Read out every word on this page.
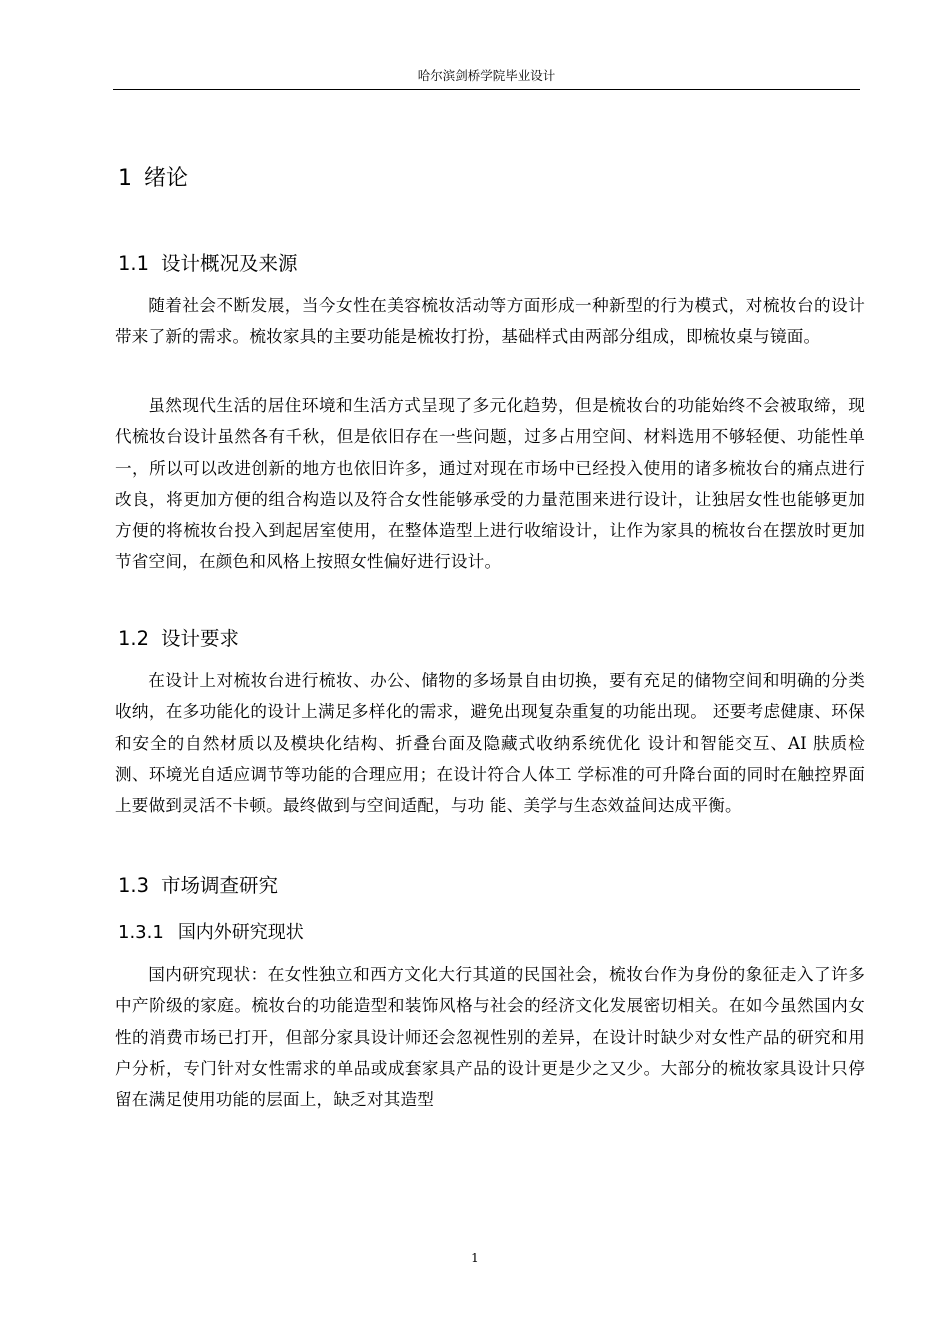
哈尔滨剑桥学院毕业设计
1 绪论
1.1 设计概况及来源

随着社会不断发展，当今女性在美容梳妆活动等方面形成一种新型的行为模式，对梳妆台的设计带来了新的需求。梳妆家具的主要功能是梳妆打扮，基础样式由两部分组成，即梳妆桌与镜面。

虽然现代生活的居住环境和生活方式呈现了多元化趋势，但是梳妆台的功能始终不会被取缔，现代梳妆台设计虽然各有千秋，但是依旧存在一些问题，过多占用空间、材料选用不够轻便、功能性单一，所以可以改进创新的地方也依旧许多，通过对现在市场中已经投入使用的诸多梳妆台的痛点进行改良，将更加方便的组合构造以及符合女性能够承受的力量范围来进行设计，让独居女性也能够更加方便的将梳妆台投入到起居室使用，在整体造型上进行收缩设计，让作为家具的梳妆台在摆放时更加节省空间，在颜色和风格上按照女性偏好进行设计。

1.2 设计要求

在设计上对梳妆台进行梳妆、办公、储物的多场景自由切换，要有充足的储物空间和明确的分类收纳，在多功能化的设计上满足多样化的需求，避免出现复杂重复的功能出现。 还要考虑健康、环保和安全的自然材质以及模块化结构、折叠台面及隐藏式收纳系统优化 设计和智能交互、AI 肤质检测、环境光自适应调节等功能的合理应用；在设计符合人体工 学标准的可升降台面的同时在触控界面上要做到灵活不卡顿。最终做到与空间适配，与功 能、美学与生态效益间达成平衡。

1.3 市场调查研究
1.3.1 国内外研究现状

国内研究现状：在女性独立和西方文化大行其道的民国社会，梳妆台作为身份的象征走入了许多中产阶级的家庭。梳妆台的功能造型和装饰风格与社会的经济文化发展密切相关。在如今虽然国内女性的消费市场已打开，但部分家具设计师还会忽视性别的差异，在设计时缺少对女性产品的研究和用户分析，专门针对女性需求的单品或成套家具产品的设计更是少之又少。大部分的梳妆家具设计只停留在满足使用功能的层面上，缺乏对其造型

1
